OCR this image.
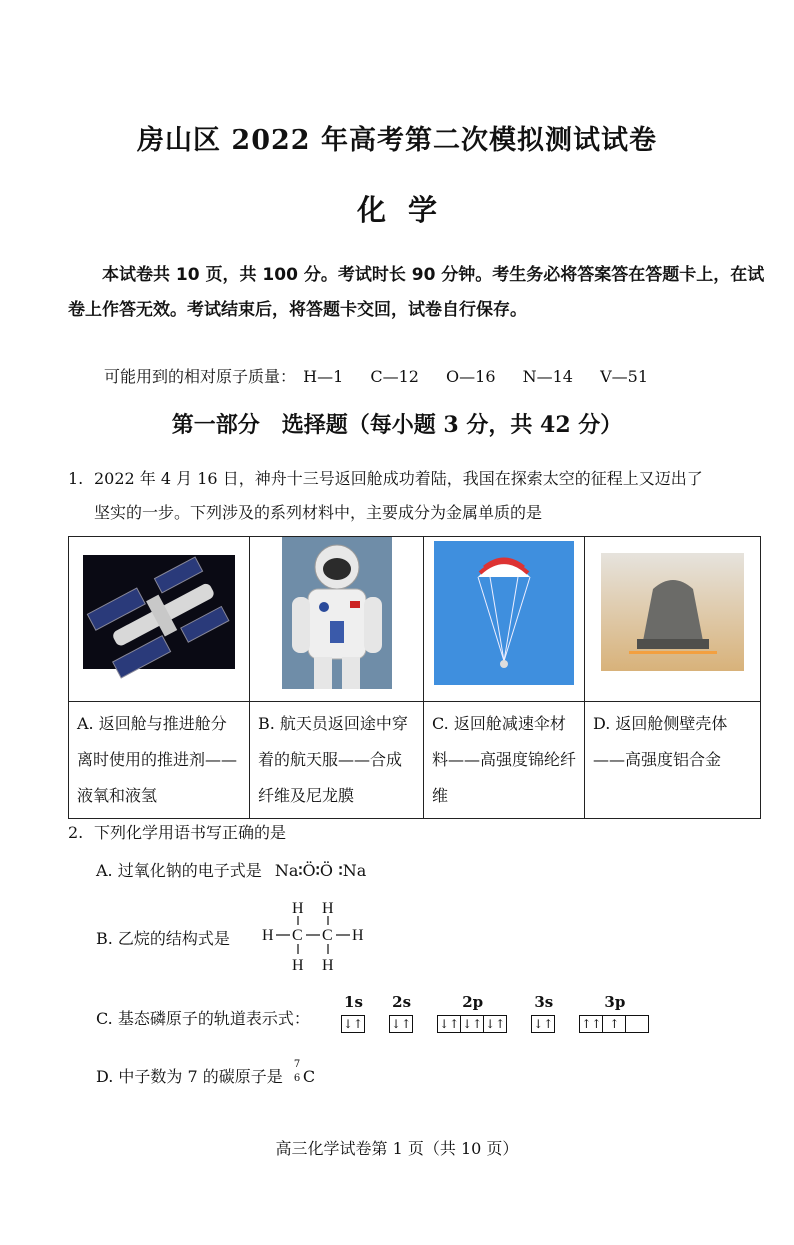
房山区 2022 年高考第二次模拟测试试卷
化学
本试卷共 10 页，共 100 分。考试时长 90 分钟。考生务必将答案答在答题卡上，在试卷上作答无效。考试结束后，将答题卡交回，试卷自行保存。
可能用到的相对原子质量： H—1 C—12 O—16 N—14 V—51
第一部分　选择题（每小题 3 分，共 42 分）
1. 2022 年 4 月 16 日，神舟十三号返回舱成功着陆，我国在探索太空的征程上又迈出了
坚实的一步。下列涉及的系列材料中，主要成分为金属单质的是

A. 返回舱与推进舱分离时使用的推进剂——液氧和液氢	B. 航天员返回途中穿着的航天服——合成纤维及尼龙膜	C. 返回舱减速伞材料——高强度锦纶纤维	D. 返回舱侧壁壳体——高强度铝合金
2. 下列化学用语书写正确的是
A. 过氧化钠的电子式是 Na∶Ö∶Ö ∶Na
B. 乙烷的结构式是
H H
H C C H
H H
C. 基态磷原子的轨道表示式：
1s
↓↑
2s
↓↑
2p
↓↑ ↓↑ ↓↑
3s
↓↑
3p
↑↑ ↑
D. 中子数为 7 的碳原子是
7
6 C
高三化学试卷第 1 页（共 10 页）
